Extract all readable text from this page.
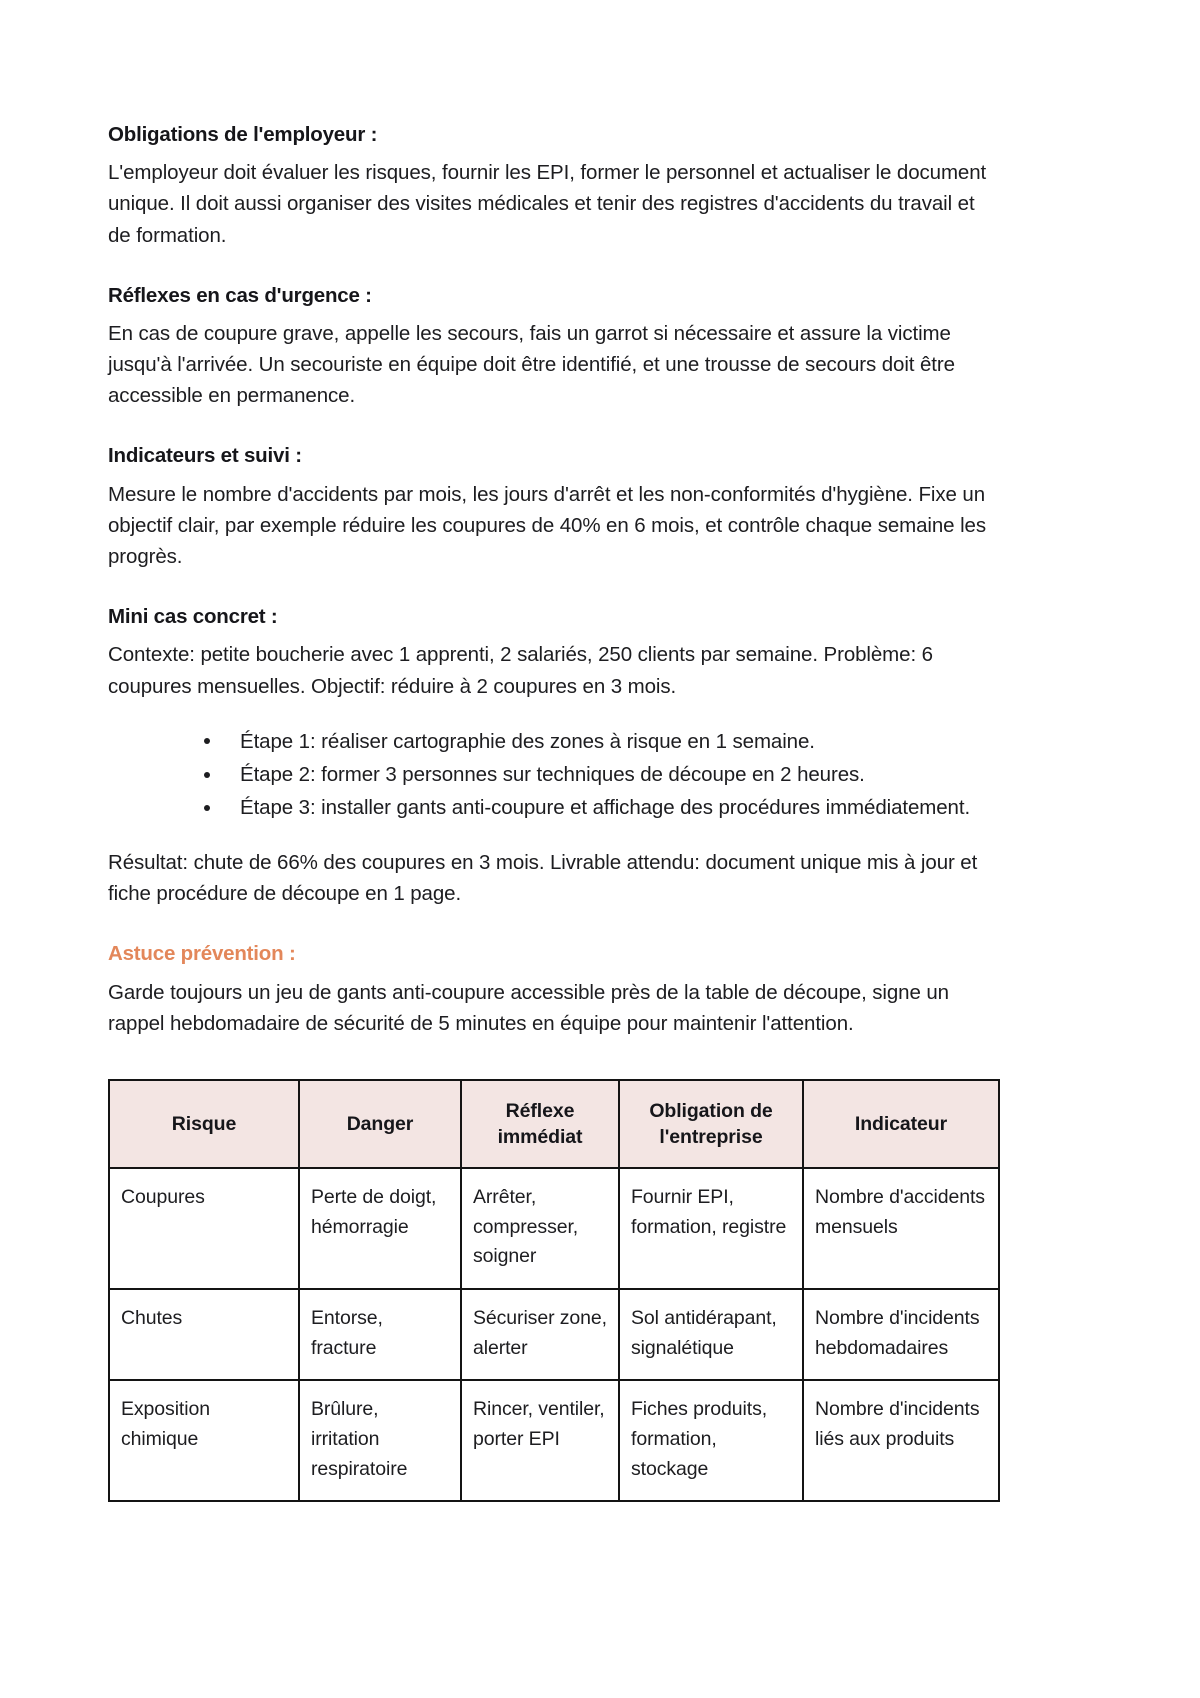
Obligations de l'employeur :

L'employeur doit évaluer les risques, fournir les EPI, former le personnel et actualiser le document unique. Il doit aussi organiser des visites médicales et tenir des registres d'accidents du travail et de formation.

Réflexes en cas d'urgence :

En cas de coupure grave, appelle les secours, fais un garrot si nécessaire et assure la victime jusqu'à l'arrivée. Un secouriste en équipe doit être identifié, et une trousse de secours doit être accessible en permanence.

Indicateurs et suivi :

Mesure le nombre d'accidents par mois, les jours d'arrêt et les non-conformités d'hygiène. Fixe un objectif clair, par exemple réduire les coupures de 40% en 6 mois, et contrôle chaque semaine les progrès.

Mini cas concret :

Contexte: petite boucherie avec 1 apprenti, 2 salariés, 250 clients par semaine. Problème: 6 coupures mensuelles. Objectif: réduire à 2 coupures en 3 mois.

Étape 1: réaliser cartographie des zones à risque en 1 semaine.
Étape 2: former 3 personnes sur techniques de découpe en 2 heures.
Étape 3: installer gants anti-coupure et affichage des procédures immédiatement.

Résultat: chute de 66% des coupures en 3 mois. Livrable attendu: document unique mis à jour et fiche procédure de découpe en 1 page.

Astuce prévention :

Garde toujours un jeu de gants anti-coupure accessible près de la table de découpe, signe un rappel hebdomadaire de sécurité de 5 minutes en équipe pour maintenir l'attention.

Risque	Danger	Réflexe immédiat	Obligation de l'entreprise	Indicateur
Coupures	Perte de doigt, hémorragie	Arrêter, compresser, soigner	Fournir EPI, formation, registre	Nombre d'accidents mensuels
Chutes	Entorse, fracture	Sécuriser zone, alerter	Sol antidérapant, signalétique	Nombre d'incidents hebdomadaires
Exposition chimique	Brûlure, irritation respiratoire	Rincer, ventiler, porter EPI	Fiches produits, formation, stockage	Nombre d'incidents liés aux produits
